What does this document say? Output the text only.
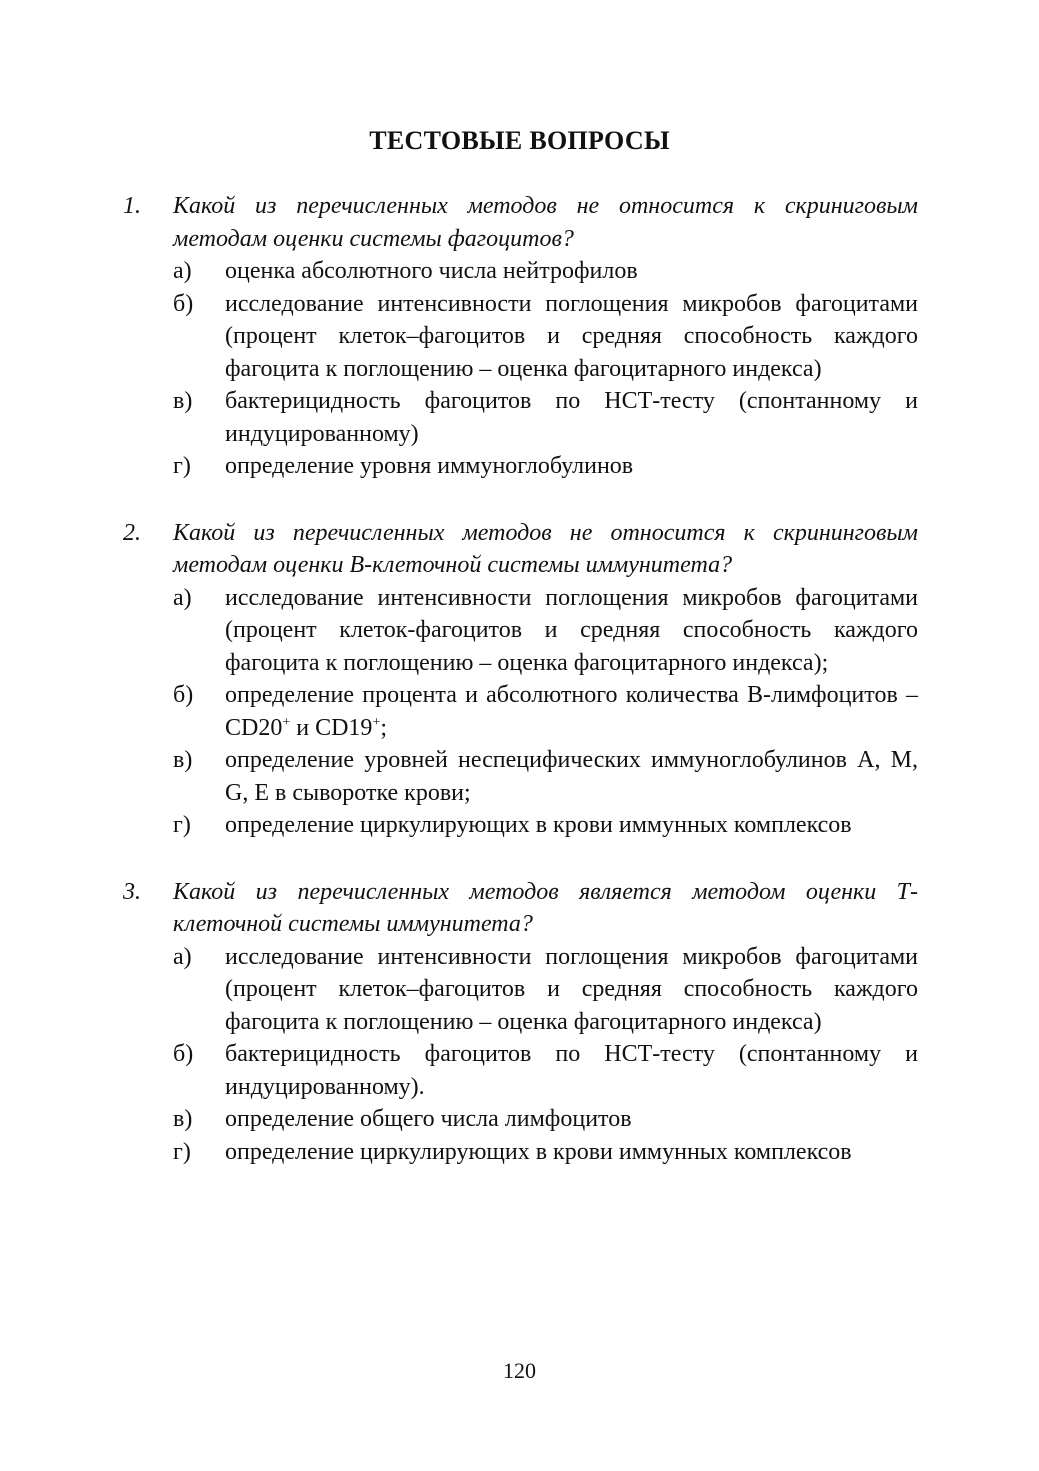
ТЕСТОВЫЕ ВОПРОСЫ
1.	Какой из перечисленных методов не относится к скринигoвым методам оценки системы фагоцитов?
а)	оценка абсолютного числа нейтрофилов
б)	исследование интенсивности поглощения микробов фагоцитами (процент клеток–фагоцитов и средняя способность каждого фагоцита к поглощению – оценка фагоцитарного индекса)
в)	бактерицидность фагоцитов по НСТ-тесту (спонтанному и индуцированному)
г)	определение уровня иммуноглобулинов
2.	Какой из перечисленных методов не относится к скрининговым методам оценки В-клеточной системы иммунитета?
а)	исследование интенсивности поглощения микробов фагоцитами (процент клеток-фагоцитов и средняя способность каждого фагоцита к поглощению – оценка фагоцитарного индекса);
б)	определение процента и абсолютного количества В-лимфоцитов – CD20+ и CD19+;
в)	определение уровней неспецифических иммуноглобулинов A, M, G, E в сыворотке крови;
г)	определение циркулирующих в крови иммунных комплексов
3.	Какой из перечисленных методов является методом оценки Т-клеточной системы иммунитета?
а)	исследование интенсивности поглощения микробов фагоцитами (процент клеток–фагоцитов и средняя способность каждого фагоцита к поглощению – оценка фагоцитарного индекса)
б)	бактерицидность фагоцитов по НСТ-тесту (спонтанному и индуцированному).
в)	определение общего числа лимфоцитов
г)	определение циркулирующих в крови иммунных комплексов
120
